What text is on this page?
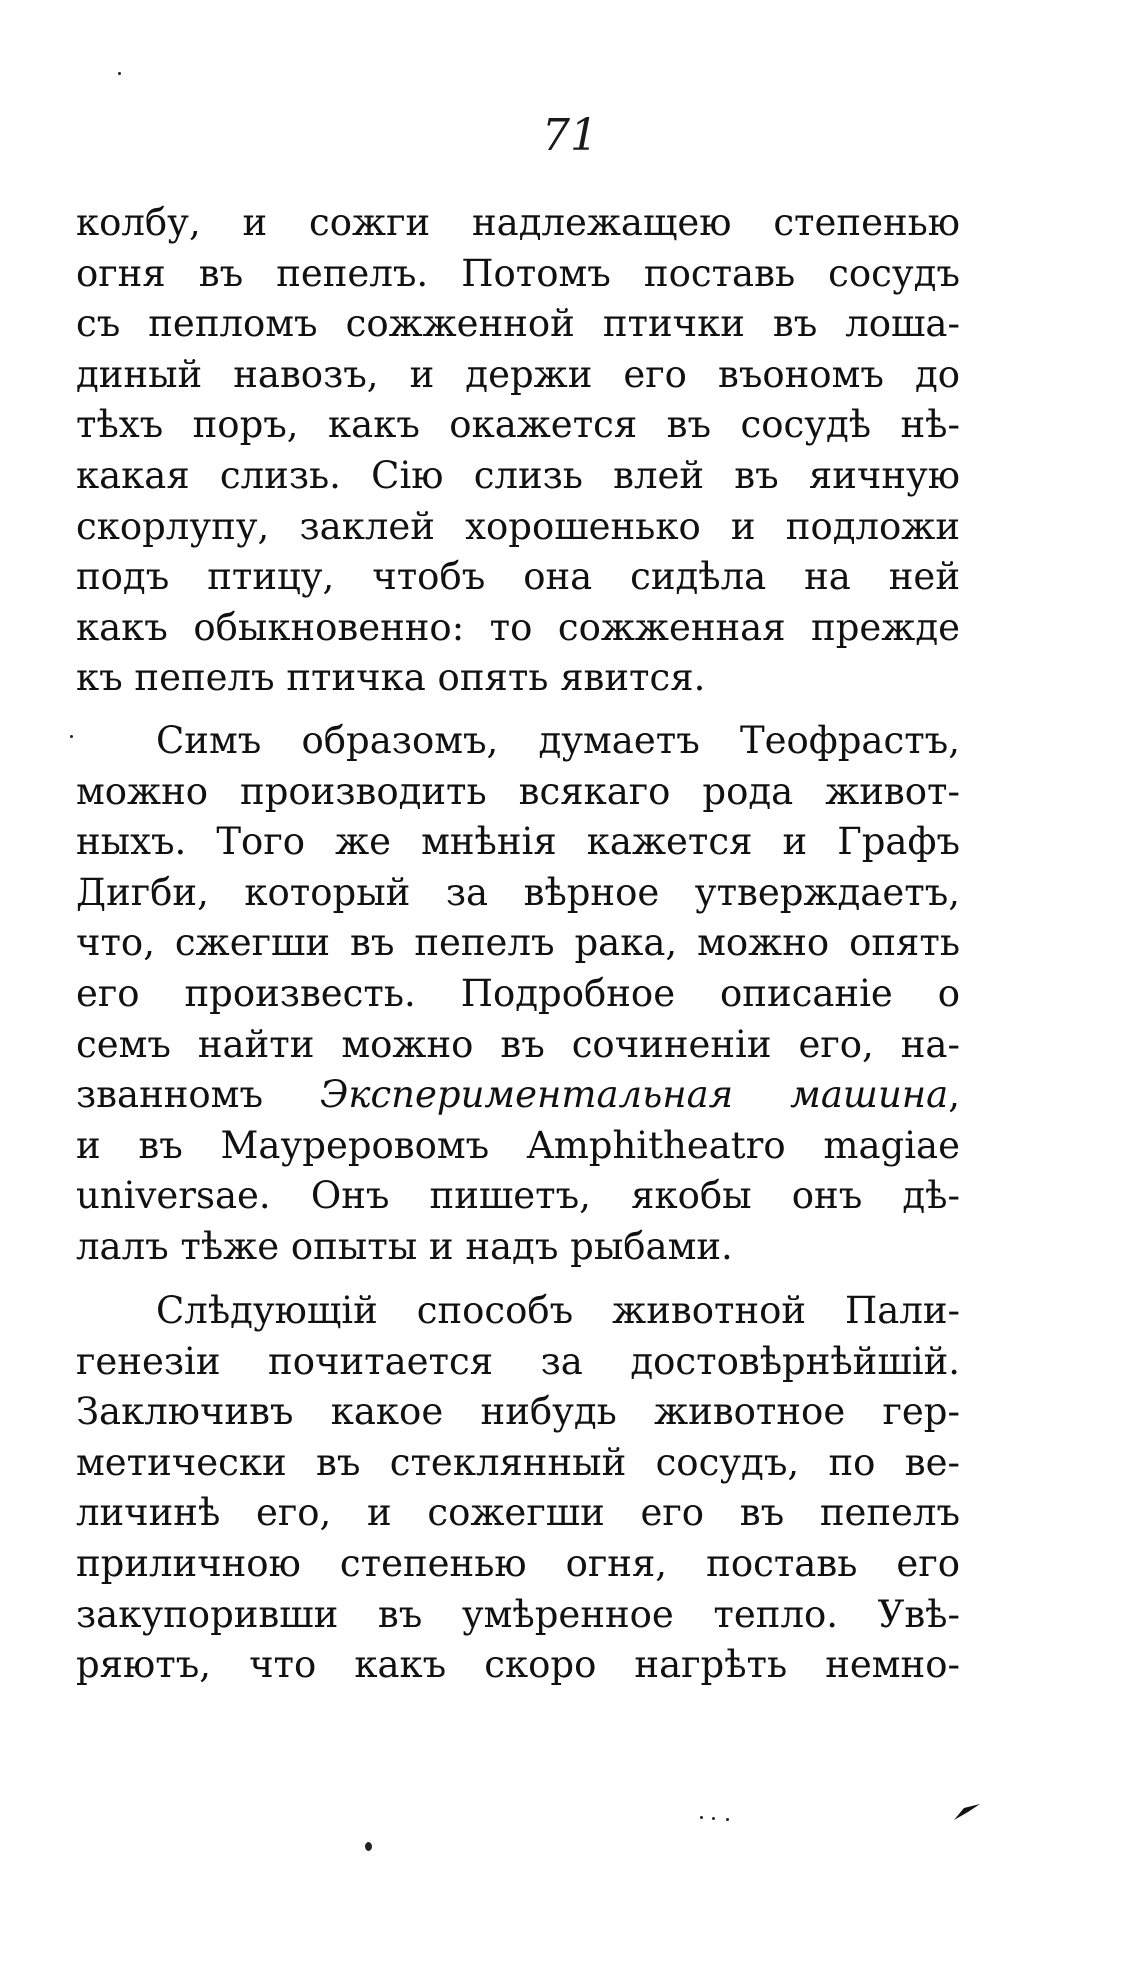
71
колбу, и сожги надлежащею степенью
огня въ пепелъ. Потомъ поставь сосудъ
съ пепломъ сожженной птички въ лоша-
диный навозъ, и держи его въономъ до
тѣхъ поръ, какъ окажется въ сосудѣ нѣ-
какая слизь. Сію слизь влей въ яичную
скорлупу, заклей хорошенько и подложи
подъ птицу, чтобъ она сидѣла на ней
какъ обыкновенно: то сожженная прежде
къ пепелъ птичка опять явится.
Симъ образомъ, думаетъ Теофрастъ,
можно производить всякаго рода живот-
ныхъ. Того же мнѣнія кажется и Графъ
Дигби, который за вѣрное утверждаетъ,
что, сжегши въ пепелъ рака, можно опять
его произвесть. Подробное описаніе о
семъ найти можно въ сочиненіи его, на-
званномъ Экспериментальная машина,
и въ Мауреровомъ Amphitheatro magiae
universae. Онъ пишетъ, якобы онъ дѣ-
лалъ тѣже опыты и надъ рыбами.
Слѣдующій способъ животной Пали-
генезіи почитается за достовѣрнѣйшій.
Заключивъ какое нибудь животное гер-
метически въ стеклянный сосудъ, по ве-
личинѣ его, и сожегши его въ пепелъ
приличною степенью огня, поставь его
закупоривши въ умѣренное тепло. Увѣ-
ряютъ, что какъ скоро нагрѣть немно-
